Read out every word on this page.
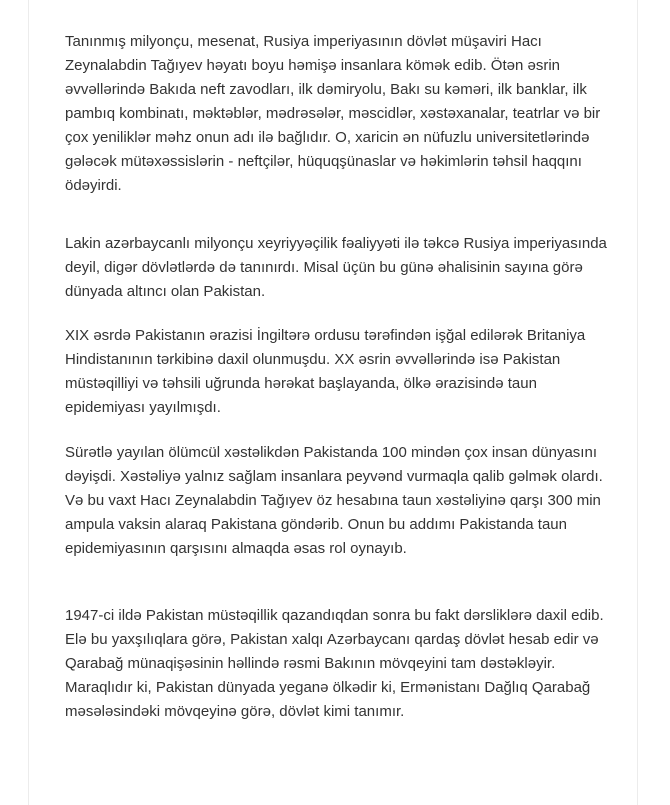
Tanınmış milyonçu, mesenat, Rusiya imperiyasının dövlət müşaviri Hacı Zeynalabdin Tağıyev həyatı boyu həmişə insanlara kömək edib. Ötən əsrin əvvəllərində Bakıda neft zavodları, ilk dəmiryolu, Bakı su kəməri, ilk banklar, ilk pambıq kombinatı, məktəblər, mədrəsələr, məscidlər, xəstəxanalar, teatrlar və bir çox yeniliklər məhz onun adı ilə bağlıdır. O, xaricin ən nüfuzlu universitetlərində gələcək mütəxəssislərin - neftçilər, hüquqşünaslar və həkimlərin təhsil haqqını ödəyirdi.

Lakin azərbaycanlı milyonçu xeyriyyəçilik fəaliyyəti ilə təkcə Rusiya imperiyasında deyil, digər dövlətlərdə də tanınırdı. Misal üçün bu günə əhalisinin sayına görə dünyada altıncı olan Pakistan.

XIX əsrdə Pakistanın ərazisi İngiltərə ordusu tərəfindən işğal edilərək Britaniya Hindistanının tərkibinə daxil olunmuşdu. XX əsrin əvvəllərində isə Pakistan müstəqilliyi və təhsili uğrunda hərəkat başlayanda, ölkə ərazisində taun epidemiyası yayılmışdı.

Sürətlə yayılan ölümcül xəstəlikdən Pakistanda 100 mindən çox insan dünyasını dəyişdi. Xəstəliyə yalnız sağlam insanlara peyvənd vurmaqla qalib gəlmək olardı. Və bu vaxt Hacı Zeynalabdin Tağıyev öz hesabına taun xəstəliyinə qarşı 300 min ampula vaksin alaraq Pakistana göndərib. Onun bu addımı Pakistanda taun epidemiyasının qarşısını almaqda əsas rol oynayıb.

1947-ci ildə Pakistan müstəqillik qazandıqdan sonra bu fakt dərsliklərə daxil edib. Elə bu yaxşılıqlara görə, Pakistan xalqı Azərbaycanı qardaş dövlət hesab edir və Qarabağ münaqişəsinin həllində rəsmi Bakının mövqeyini tam dəstəkləyir. Maraqlıdır ki, Pakistan dünyada yeganə ölkədir ki, Ermənistanı Dağlıq Qarabağ məsələsindəki mövqeyinə görə, dövlət kimi tanımır.
